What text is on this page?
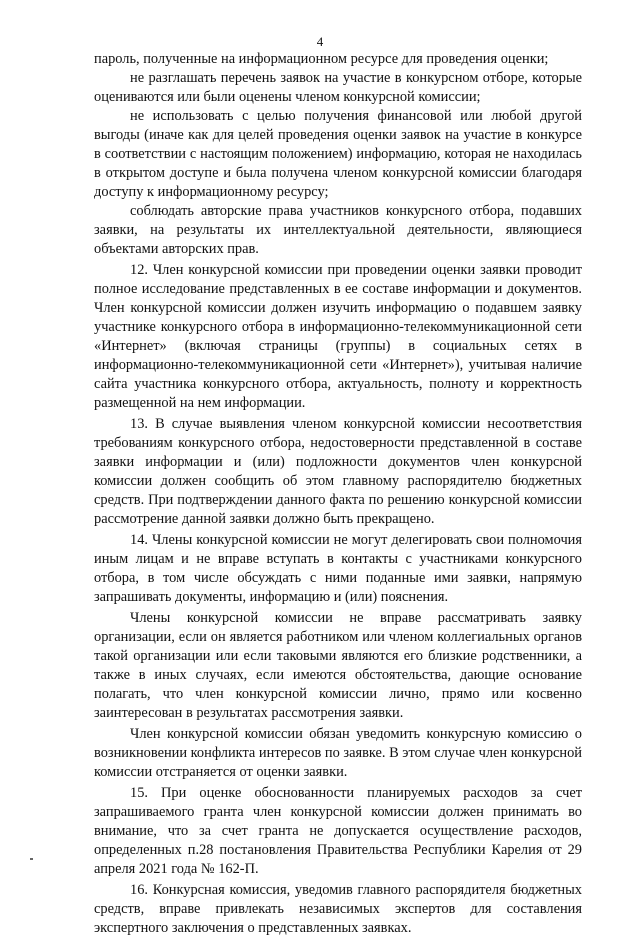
4

пароль, полученные на информационном ресурсе для проведения оценки;

не разглашать перечень заявок на участие в конкурсном отборе, которые оцениваются или были оценены членом конкурсной комиссии;

не использовать с целью получения финансовой или любой другой выгоды (иначе как для целей проведения оценки заявок на участие в конкурсе в соответствии с настоящим положением) информацию, которая не находилась в открытом доступе и была получена членом конкурсной комиссии благодаря доступу к информационному ресурсу;

соблюдать авторские права участников конкурсного отбора, подавших заявки, на результаты их интеллектуальной деятельности, являющиеся объектами авторских прав.

12. Член конкурсной комиссии при проведении оценки заявки проводит полное исследование представленных в ее составе информации и документов. Член конкурсной комиссии должен изучить информацию о подавшем заявку участнике конкурсного отбора в информационно-телекоммуникационной сети «Интернет» (включая страницы (группы) в социальных сетях в информационно-телекоммуникационной сети «Интернет»), учитывая наличие сайта участника конкурсного отбора, актуальность, полноту и корректность размещенной на нем информации.

13. В случае выявления членом конкурсной комиссии несоответствия требованиям конкурсного отбора, недостоверности представленной в составе заявки информации и (или) подложности документов член конкурсной комиссии должен сообщить об этом главному распорядителю бюджетных средств. При подтверждении данного факта по решению конкурсной комиссии рассмотрение данной заявки должно быть прекращено.

14. Члены конкурсной комиссии не могут делегировать свои полномочия иным лицам и не вправе вступать в контакты с участниками конкурсного отбора, в том числе обсуждать с ними поданные ими заявки, напрямую запрашивать документы, информацию и (или) пояснения.

Члены конкурсной комиссии не вправе рассматривать заявку организации, если он является работником или членом коллегиальных органов такой организации или если таковыми являются его близкие родственники, а также в иных случаях, если имеются обстоятельства, дающие основание полагать, что член конкурсной комиссии лично, прямо или косвенно заинтересован в результатах рассмотрения заявки.

Член конкурсной комиссии обязан уведомить конкурсную комиссию о возникновении конфликта интересов по заявке. В этом случае член конкурсной комиссии отстраняется от оценки заявки.

15. При оценке обоснованности планируемых расходов за счет запрашиваемого гранта член конкурсной комиссии должен принимать во внимание, что за счет гранта не допускается осуществление расходов, определенных п.28 постановления Правительства Республики Карелия от 29 апреля 2021 года № 162-П.

16. Конкурсная комиссия, уведомив главного распорядителя бюджетных средств, вправе привлекать независимых экспертов для составления экспертного заключения о представленных заявках.
